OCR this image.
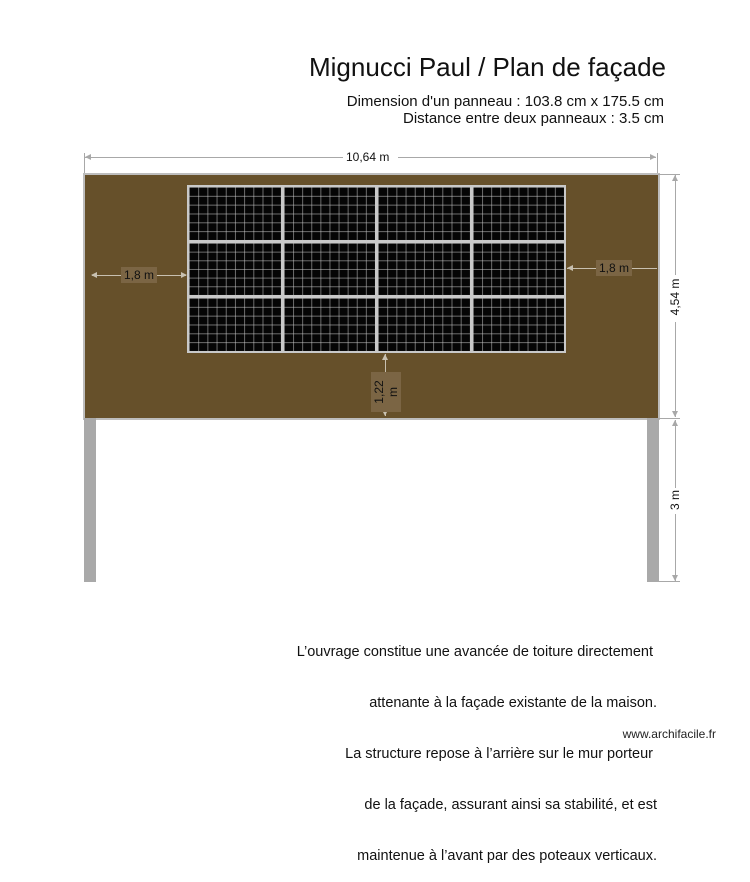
Mignucci Paul / Plan de façade
Dimension d'un panneau : 103.8 cm x 175.5 cm
Distance entre deux panneaux : 3.5 cm
10,64 m
1,8 m	1,8 m
1,22 m
4,54 m
3 m

L’ouvrage constitue une avancée de toiture directement

attenante à la façade existante de la maison.

La structure repose à l’arrière sur le mur porteur

de la façade, assurant ainsi sa stabilité, et est

maintenue à l’avant par des poteaux verticaux.

www.archifacile.fr
